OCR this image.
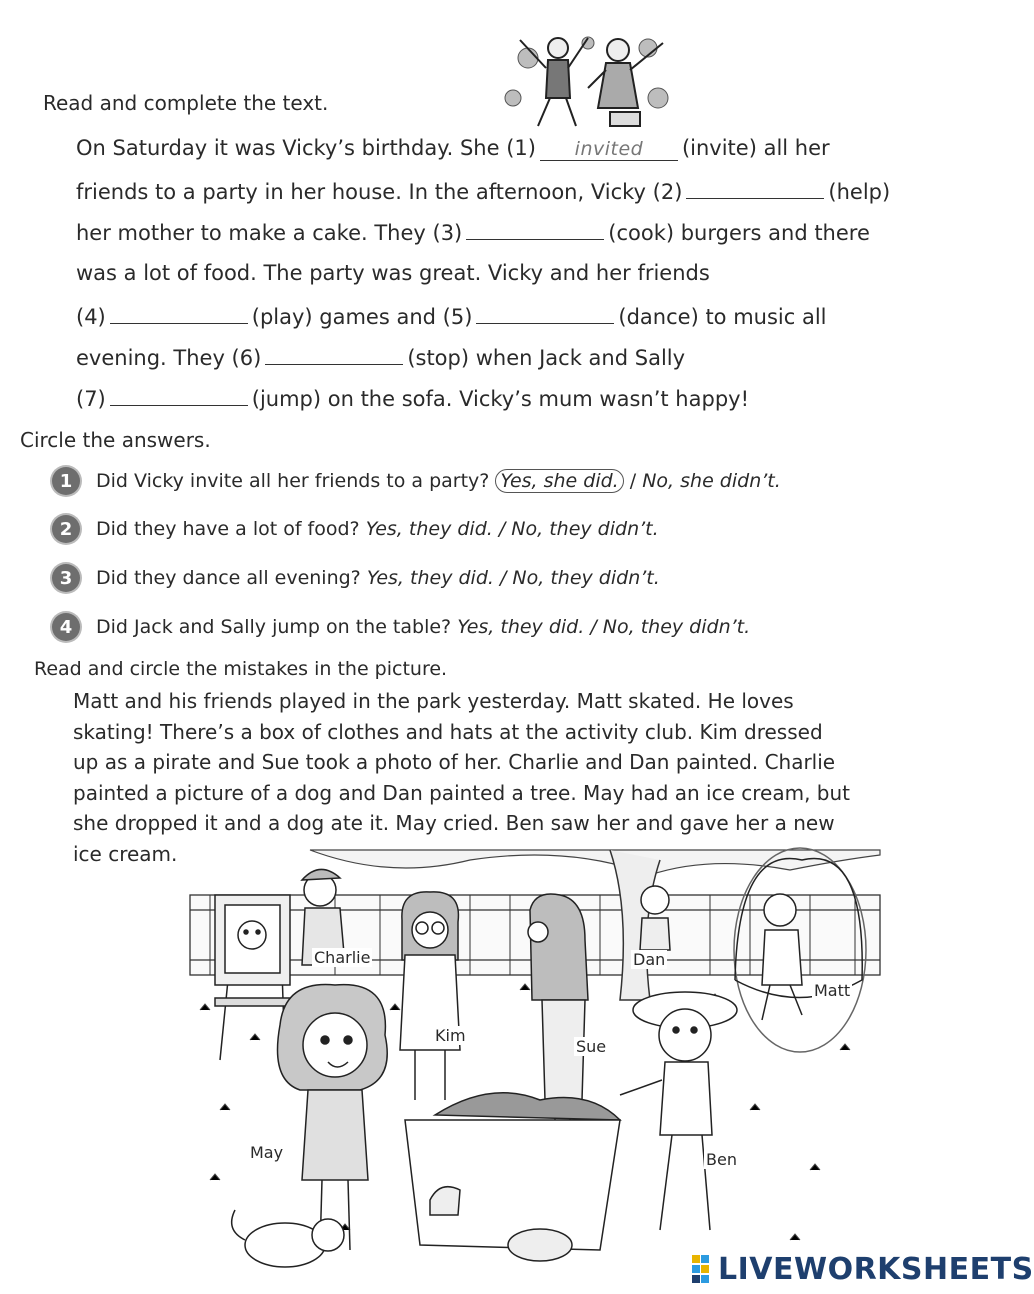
Read and complete the text.
On Saturday it was Vicky’s birthday. She (1) invited (invite) all her
friends to a party in her house. In the afternoon, Vicky (2)	(help)
her mother to make a cake. They (3)	(cook) burgers and there
was a lot of food. The party was great. Vicky and her friends
(4)	(play) games and (5)	(dance) to music all
evening. They (6)	(stop) when Jack and Sally
(7)	(jump) on the sofa. Vicky’s mum wasn’t happy!
Circle the answers.
1	Did Vicky invite all her friends to a party?
Yes, she did.
/
No, she didn’t.
2	Did they have a lot of food?
Yes, they did.
/
No, they didn’t.
3	Did they dance all evening?
Yes, they did.
/
No, they didn’t.
4	Did Jack and Sally jump on the table?
Yes, they did.
/
No, they didn’t.
Read and circle the mistakes in the picture.
Matt and his friends played in the park yesterday. Matt skated. He loves
skating! There’s a box of clothes and hats at the activity club. Kim dressed
up as a pirate and Sue took a photo of her. Charlie and Dan painted. Charlie
painted a picture of a dog and Dan painted a tree. May had an ice cream, but
she dropped it and a dog ate it. May cried. Ben saw her and gave her a new
ice cream.
Charlie	Dan
Matt
Kim
Sue
May	Ben
LIVEWORKSHEETS
